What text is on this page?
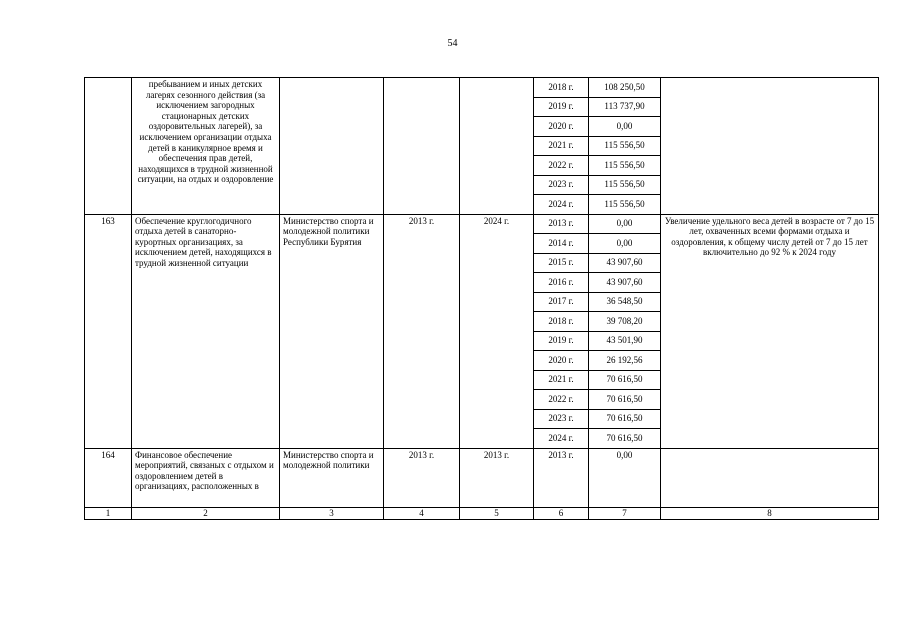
54
	пребыванием и иных детских лагерях сезонного действия (за исключением загородных стационарных детских оздоровительных лагерей), за исключением организации отдыха детей в каникулярное время и обеспечения прав детей, находящихся в трудной жизненной ситуации, на отдых и оздоровление				2018 г.	108 250,50	
					2019 г.	113 737,90	
					2020 г.	0,00	
					2021 г.	115 556,50	
					2022 г.	115 556,50	
					2023 г.	115 556,50	
					2024 г.	115 556,50	
163	Обеспечение круглогодичного отдыха детей в санаторно-курортных организациях, за исключением детей, находящихся в трудной жизненной ситуации	Министерство спорта и молодежной политики Республики Бурятия	2013 г.	2024 г.	2013 г.	0,00	Увеличение удельного веса детей в возрасте от 7 до 15 лет, охваченных всеми формами отдыха и оздоровления, к общему числу детей от 7 до 15 лет включительно до 92 % к 2024 году
					2014 г.	0,00	
					2015 г.	43 907,60	
					2016 г.	43 907,60	
					2017 г.	36 548,50	
					2018 г.	39 708,20	
					2019 г.	43 501,90	
					2020 г.	26 192,56	
					2021 г.	70 616,50	
					2022 г.	70 616,50	
					2023 г.	70 616,50	
					2024 г.	70 616,50	
164	Финансовое обеспечение мероприятий, связаных с отдыхом и оздоровлением детей в организациях, расположенных в	Министерство спорта и молодежной политики	2013 г.	2013 г.	2013 г.	0,00	
1	2	3	4	5	6	7	8
